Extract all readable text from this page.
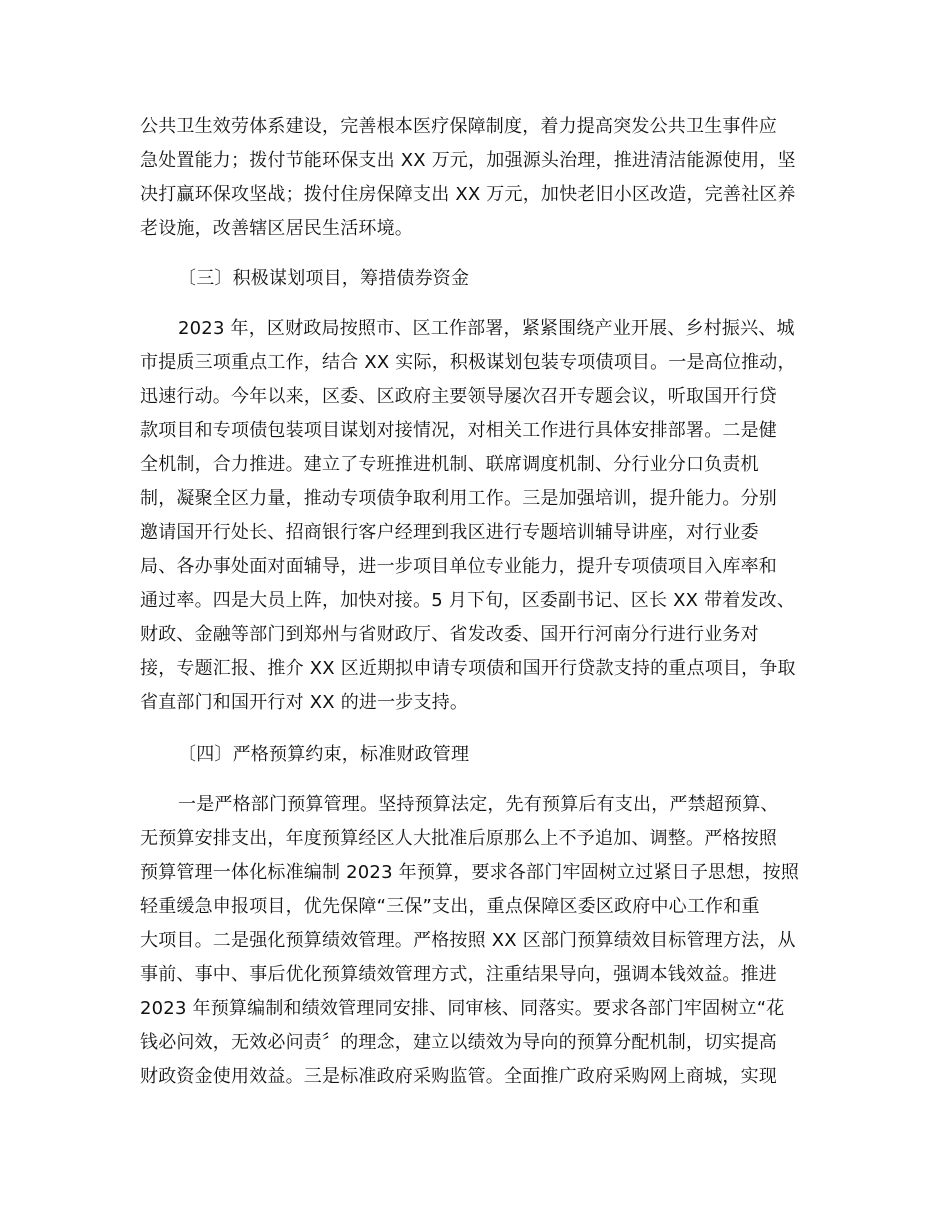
公共卫生效劳体系建设，完善根本医疗保障制度，着力提高突发公共卫生事件应
急处置能力；拨付节能环保支出 XX 万元，加强源头治理，推进清洁能源使用，坚
决打赢环保攻坚战；拨付住房保障支出 XX 万元，加快老旧小区改造，完善社区养
老设施，改善辖区居民生活环境。
〔三〕积极谋划项目，筹措债券资金
2023 年，区财政局按照市、区工作部署，紧紧围绕产业开展、乡村振兴、城
市提质三项重点工作，结合 XX 实际，积极谋划包装专项债项目。一是高位推动，
迅速行动。今年以来，区委、区政府主要领导屡次召开专题会议，听取国开行贷
款项目和专项债包装项目谋划对接情况，对相关工作进行具体安排部署。二是健
全机制，合力推进。建立了专班推进机制、联席调度机制、分行业分口负责机
制，凝聚全区力量，推动专项债争取利用工作。三是加强培训，提升能力。分别
邀请国开行处长、招商银行客户经理到我区进行专题培训辅导讲座，对行业委
局、各办事处面对面辅导，进一步项目单位专业能力，提升专项债项目入库率和
通过率。四是大员上阵，加快对接。5 月下旬，区委副书记、区长 XX 带着发改、
财政、金融等部门到郑州与省财政厅、省发改委、国开行河南分行进行业务对
接，专题汇报、推介 XX 区近期拟申请专项债和国开行贷款支持的重点项目，争取
省直部门和国开行对 XX 的进一步支持。
〔四〕严格预算约束，标准财政管理
一是严格部门预算管理。坚持预算法定，先有预算后有支出，严禁超预算、
无预算安排支出，年度预算经区人大批准后原那么上不予追加、调整。严格按照
预算管理一体化标准编制 2023 年预算，要求各部门牢固树立过紧日子思想，按照
轻重缓急申报项目，优先保障“三保”支出，重点保障区委区政府中心工作和重
大项目。二是强化预算绩效管理。严格按照 XX 区部门预算绩效目标管理方法，从
事前、事中、事后优化预算绩效管理方式，注重结果导向，强调本钱效益。推进
2023 年预算编制和绩效管理同安排、同审核、同落实。要求各部门牢固树立“花
钱必问效，无效必问责〞的理念，建立以绩效为导向的预算分配机制，切实提高
财政资金使用效益。三是标准政府采购监管。全面推广政府采购网上商城，实现
